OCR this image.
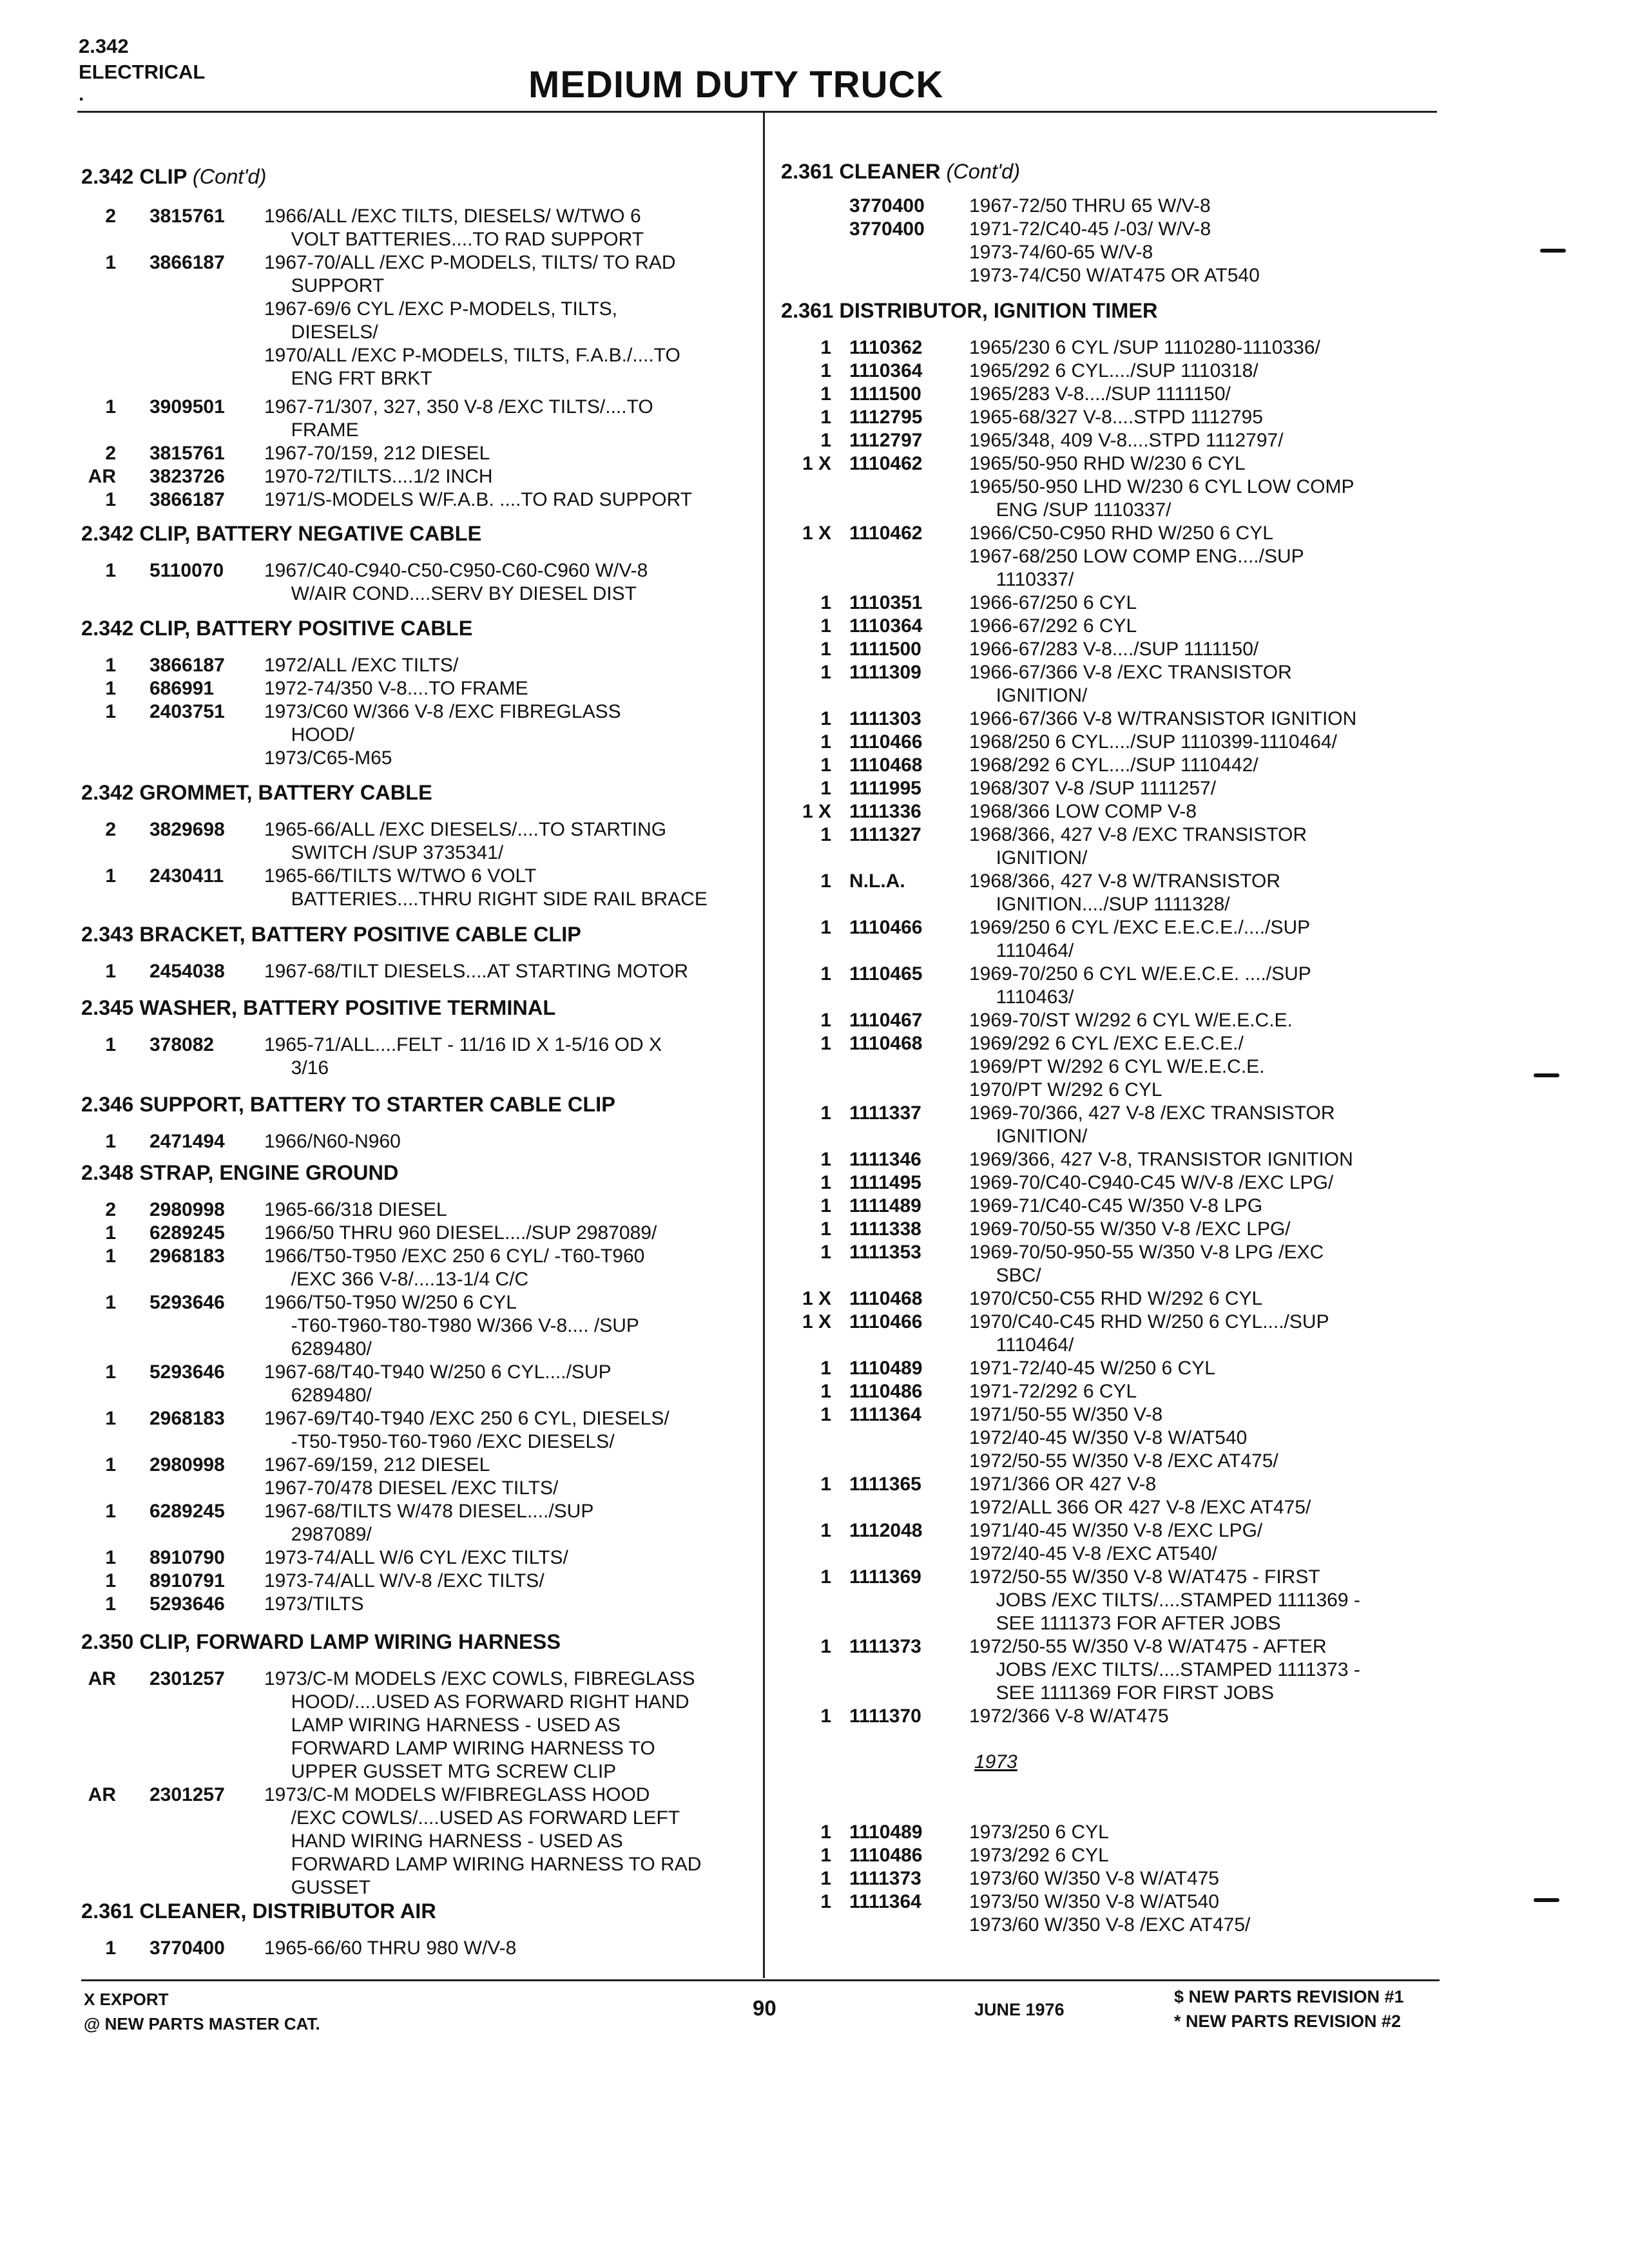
2.342
ELECTRICAL
.	MEDIUM DUTY TRUCK
2.342 CLIP (Cont'd)
2 3815761 1966/ALL /EXC TILTS, DIESELS/ W/TWO 6
VOLT BATTERIES....TO RAD SUPPORT
1 3866187 1967-70/ALL /EXC P-MODELS, TILTS/ TO RAD
SUPPORT
1967-69/6 CYL /EXC P-MODELS, TILTS,
DIESELS/
1970/ALL /EXC P-MODELS, TILTS, F.A.B./....TO
ENG FRT BRKT
1 3909501 1967-71/307, 327, 350 V-8 /EXC TILTS/....TO
FRAME
2 3815761 1967-70/159, 212 DIESEL
AR 3823726 1970-72/TILTS....1/2 INCH
1 3866187 1971/S-MODELS W/F.A.B. ....TO RAD SUPPORT
2.342 CLIP, BATTERY NEGATIVE CABLE
1 5110070 1967/C40-C940-C50-C950-C60-C960 W/V-8
W/AIR COND....SERV BY DIESEL DIST
2.342 CLIP, BATTERY POSITIVE CABLE
1 3866187 1972/ALL /EXC TILTS/
1 686991	1972-74/350 V-8....TO FRAME
1 2403751 1973/C60 W/366 V-8 /EXC FIBREGLASS
HOOD/
1973/C65-M65
2.342 GROMMET, BATTERY CABLE
2 3829698 1965-66/ALL /EXC DIESELS/....TO STARTING
SWITCH /SUP 3735341/
1 2430411 1965-66/TILTS W/TWO 6 VOLT
BATTERIES....THRU RIGHT SIDE RAIL BRACE
2.343 BRACKET, BATTERY POSITIVE CABLE CLIP
1 2454038 1967-68/TILT DIESELS....AT STARTING MOTOR
2.345 WASHER, BATTERY POSITIVE TERMINAL
1 378082	1965-71/ALL....FELT - 11/16 ID X 1-5/16 OD X
3/16
2.346 SUPPORT, BATTERY TO STARTER CABLE CLIP
1 2471494 1966/N60-N960
2.348 STRAP, ENGINE GROUND
2 2980998 1965-66/318 DIESEL
1 6289245 1966/50 THRU 960 DIESEL..../SUP 2987089/
1 2968183 1966/T50-T950 /EXC 250 6 CYL/ -T60-T960
/EXC 366 V-8/....13-1/4 C/C
1 5293646 1966/T50-T950 W/250 6 CYL
-T60-T960-T80-T980 W/366 V-8.... /SUP
6289480/
1 5293646 1967-68/T40-T940 W/250 6 CYL..../SUP
6289480/
1 2968183 1967-69/T40-T940 /EXC 250 6 CYL, DIESELS/
-T50-T950-T60-T960 /EXC DIESELS/
1 2980998 1967-69/159, 212 DIESEL
1967-70/478 DIESEL /EXC TILTS/
1 6289245 1967-68/TILTS W/478 DIESEL..../SUP
2987089/
1 8910790 1973-74/ALL W/6 CYL /EXC TILTS/
1 8910791 1973-74/ALL W/V-8 /EXC TILTS/
1 5293646 1973/TILTS
2.350 CLIP, FORWARD LAMP WIRING HARNESS
AR 2301257 1973/C-M MODELS /EXC COWLS, FIBREGLASS
HOOD/....USED AS FORWARD RIGHT HAND
LAMP WIRING HARNESS - USED AS
FORWARD LAMP WIRING HARNESS TO
UPPER GUSSET MTG SCREW CLIP
AR 2301257 1973/C-M MODELS W/FIBREGLASS HOOD
/EXC COWLS/....USED AS FORWARD LEFT
HAND WIRING HARNESS - USED AS
FORWARD LAMP WIRING HARNESS TO RAD
GUSSET
2.361 CLEANER, DISTRIBUTOR AIR
1 3770400 1965-66/60 THRU 980 W/V-8
2.361 CLEANER (Cont'd)
3770400 1967-72/50 THRU 65 W/V-8
3770400 1971-72/C40-45 /-03/ W/V-8
1973-74/60-65 W/V-8
1973-74/C50 W/AT475 OR AT540
2.361 DISTRIBUTOR, IGNITION TIMER
1 1110362 1965/230 6 CYL /SUP 1110280-1110336/
1 1110364 1965/292 6 CYL..../SUP 1110318/
1 1111500 1965/283 V-8..../SUP 1111150/
1 1112795 1965-68/327 V-8....STPD 1112795
1 1112797 1965/348, 409 V-8....STPD 1112797/
1 X 1110462 1965/50-950 RHD W/230 6 CYL
1965/50-950 LHD W/230 6 CYL LOW COMP
ENG /SUP 1110337/
1 X 1110462 1966/C50-C950 RHD W/250 6 CYL
1967-68/250 LOW COMP ENG..../SUP
1110337/
1 1110351 1966-67/250 6 CYL
1 1110364 1966-67/292 6 CYL
1 1111500 1966-67/283 V-8..../SUP 1111150/
1 1111309 1966-67/366 V-8 /EXC TRANSISTOR
IGNITION/
1 1111303 1966-67/366 V-8 W/TRANSISTOR IGNITION
1 1110466 1968/250 6 CYL..../SUP 1110399-1110464/
1 1110468 1968/292 6 CYL..../SUP 1110442/
1 1111995 1968/307 V-8 /SUP 1111257/
1 X 1111336 1968/366 LOW COMP V-8
1 1111327 1968/366, 427 V-8 /EXC TRANSISTOR
IGNITION/
1 N.L.A.	1968/366, 427 V-8 W/TRANSISTOR
IGNITION..../SUP 1111328/
1 1110466 1969/250 6 CYL /EXC E.E.C.E./..../SUP
1110464/
1 1110465 1969-70/250 6 CYL W/E.E.C.E. ..../SUP
1110463/
1 1110467 1969-70/ST W/292 6 CYL W/E.E.C.E.
1 1110468 1969/292 6 CYL /EXC E.E.C.E./
1969/PT W/292 6 CYL W/E.E.C.E.
1970/PT W/292 6 CYL
1 1111337 1969-70/366, 427 V-8 /EXC TRANSISTOR
IGNITION/
1 1111346 1969/366, 427 V-8, TRANSISTOR IGNITION
1 1111495 1969-70/C40-C940-C45 W/V-8 /EXC LPG/
1 1111489 1969-71/C40-C45 W/350 V-8 LPG
1 1111338 1969-70/50-55 W/350 V-8 /EXC LPG/
1 1111353 1969-70/50-950-55 W/350 V-8 LPG /EXC
SBC/
1 X 1110468 1970/C50-C55 RHD W/292 6 CYL
1 X 1110466 1970/C40-C45 RHD W/250 6 CYL..../SUP
1110464/
1 1110489 1971-72/40-45 W/250 6 CYL
1 1110486 1971-72/292 6 CYL
1 1111364 1971/50-55 W/350 V-8
1972/40-45 W/350 V-8 W/AT540
1972/50-55 W/350 V-8 /EXC AT475/
1 1111365 1971/366 OR 427 V-8
1972/ALL 366 OR 427 V-8 /EXC AT475/
1 1112048 1971/40-45 W/350 V-8 /EXC LPG/
1972/40-45 V-8 /EXC AT540/
1 1111369 1972/50-55 W/350 V-8 W/AT475 - FIRST
JOBS /EXC TILTS/....STAMPED 1111369 -
SEE 1111373 FOR AFTER JOBS
1 1111373 1972/50-55 W/350 V-8 W/AT475 - AFTER
JOBS /EXC TILTS/....STAMPED 1111373 -
SEE 1111369 FOR FIRST JOBS
1 1111370 1972/366 V-8 W/AT475
1973
1 1110489 1973/250 6 CYL
1 1110486 1973/292 6 CYL
1 1111373 1973/60 W/350 V-8 W/AT475
1 1111364 1973/50 W/350 V-8 W/AT540
1973/60 W/350 V-8 /EXC AT475/
X EXPORT
@ NEW PARTS MASTER CAT.
90	JUNE 1976
$ NEW PARTS REVISION #1
* NEW PARTS REVISION #2
